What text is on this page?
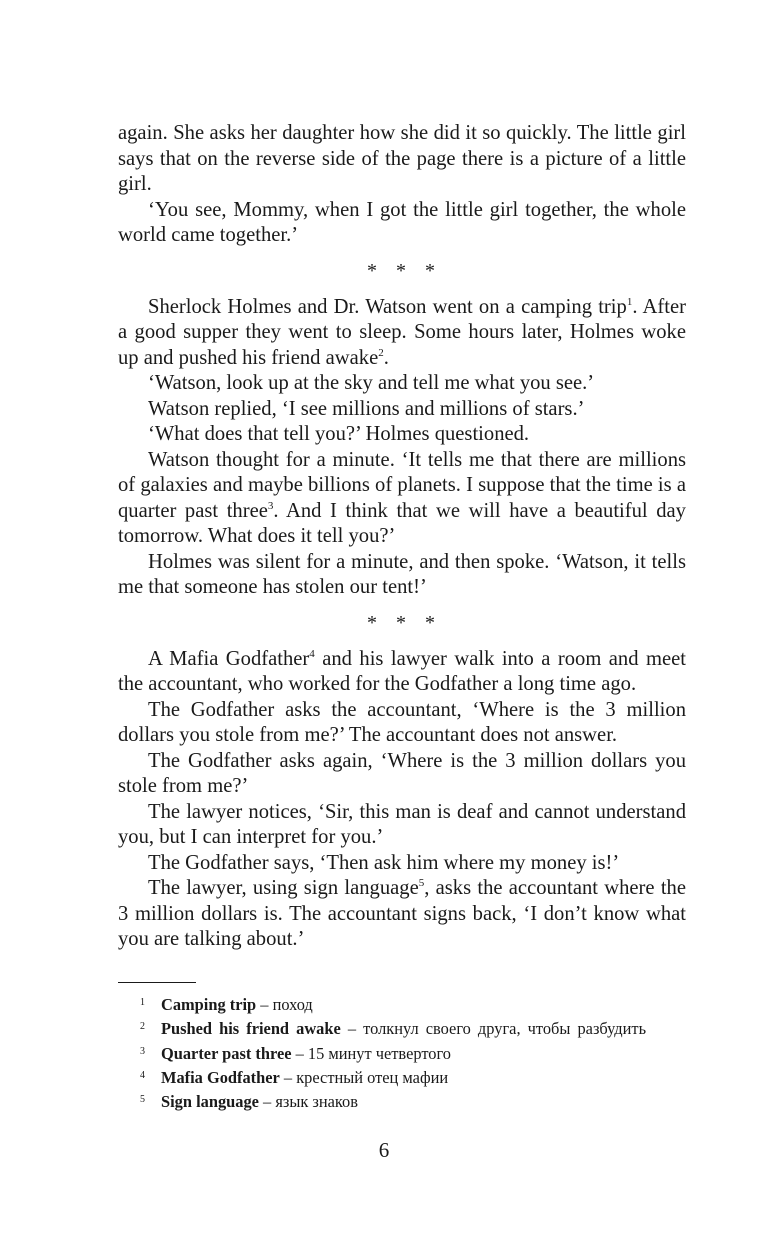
again. She asks her daughter how she did it so quickly. The little girl says that on the reverse side of the page there is a picture of a little girl.

‘You see, Mommy, when I got the little girl together, the whole world came together.’

* * *

Sherlock Holmes and Dr. Watson went on a camping trip$^1$. After a good supper they went to sleep. Some hours later, Holmes woke up and pushed his friend awake$^2$.

‘Watson, look up at the sky and tell me what you see.’

Watson replied, ‘I see millions and millions of stars.’

‘What does that tell you?’ Holmes questioned.

Watson thought for a minute. ‘It tells me that there are millions of galaxies and maybe billions of planets. I suppose that the time is a quarter past three$^3$. And I think that we will have a beautiful day tomorrow. What does it tell you?’

Holmes was silent for a minute, and then spoke. ‘Watson, it tells me that someone has stolen our tent!’

* * *

A Mafia Godfather$^4$ and his lawyer walk into a room and meet the accountant, who worked for the Godfather a long time ago.

The Godfather asks the accountant, ‘Where is the 3 million dollars you stole from me?’ The accountant does not answer.

The Godfather asks again, ‘Where is the 3 million dollars you stole from me?’

The lawyer notices, ‘Sir, this man is deaf and cannot understand you, but I can interpret for you.’

The Godfather says, ‘Then ask him where my money is!’

The lawyer, using sign language$^5$, asks the accountant where the 3 million dollars is. The accountant signs back, ‘I don’t know what you are talking about.’

1 Camping trip – поход

2 Pushed his friend awake – толкнул своего друга, чтобы разбудить

3 Quarter past three – 15 минут четвертого

4 Mafia Godfather – крестный отец мафии

5 Sign language – язык знаков

6
